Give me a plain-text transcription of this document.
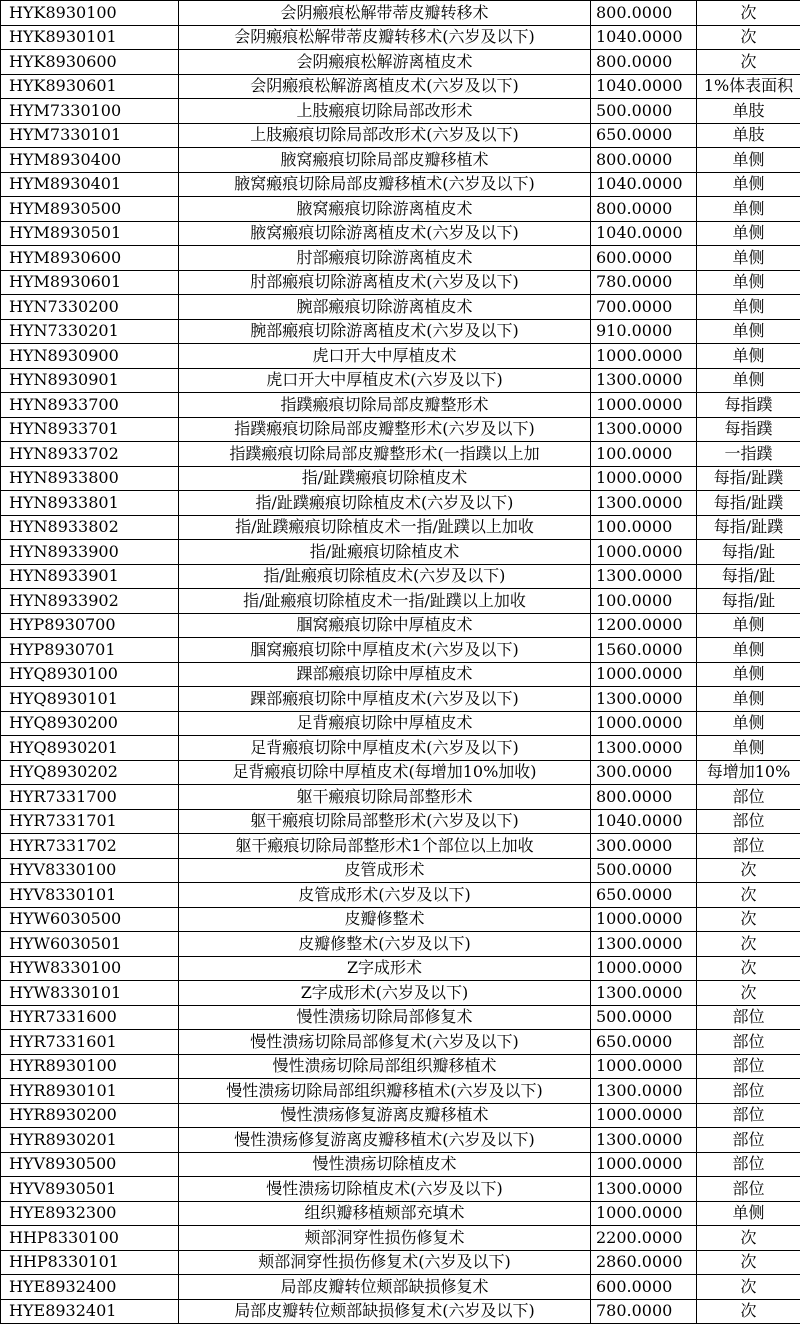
HYK8930100	会阴瘢痕松解带蒂皮瓣转移术	800.0000	次
HYK8930101	会阴瘢痕松解带蒂皮瓣转移术(六岁及以下)	1040.0000	次
HYK8930600	会阴瘢痕松解游离植皮术	800.0000	次
HYK8930601	会阴瘢痕松解游离植皮术(六岁及以下)	1040.0000	1%体表面积
HYM7330100	上肢瘢痕切除局部改形术	500.0000	单肢
HYM7330101	上肢瘢痕切除局部改形术(六岁及以下)	650.0000	单肢
HYM8930400	腋窝瘢痕切除局部皮瓣移植术	800.0000	单侧
HYM8930401	腋窝瘢痕切除局部皮瓣移植术(六岁及以下)	1040.0000	单侧
HYM8930500	腋窝瘢痕切除游离植皮术	800.0000	单侧
HYM8930501	腋窝瘢痕切除游离植皮术(六岁及以下)	1040.0000	单侧
HYM8930600	肘部瘢痕切除游离植皮术	600.0000	单侧
HYM8930601	肘部瘢痕切除游离植皮术(六岁及以下)	780.0000	单侧
HYN7330200	腕部瘢痕切除游离植皮术	700.0000	单侧
HYN7330201	腕部瘢痕切除游离植皮术(六岁及以下)	910.0000	单侧
HYN8930900	虎口开大中厚植皮术	1000.0000	单侧
HYN8930901	虎口开大中厚植皮术(六岁及以下)	1300.0000	单侧
HYN8933700	指蹼瘢痕切除局部皮瓣整形术	1000.0000	每指蹼
HYN8933701	指蹼瘢痕切除局部皮瓣整形术(六岁及以下)	1300.0000	每指蹼
HYN8933702	指蹼瘢痕切除局部皮瓣整形术(一指蹼以上加	100.0000	一指蹼
HYN8933800	指/趾蹼瘢痕切除植皮术	1000.0000	每指/趾蹼
HYN8933801	指/趾蹼瘢痕切除植皮术(六岁及以下)	1300.0000	每指/趾蹼
HYN8933802	指/趾蹼瘢痕切除植皮术一指/趾蹼以上加收	100.0000	每指/趾蹼
HYN8933900	指/趾瘢痕切除植皮术	1000.0000	每指/趾
HYN8933901	指/趾瘢痕切除植皮术(六岁及以下)	1300.0000	每指/趾
HYN8933902	指/趾瘢痕切除植皮术一指/趾蹼以上加收	100.0000	每指/趾
HYP8930700	腘窝瘢痕切除中厚植皮术	1200.0000	单侧
HYP8930701	腘窝瘢痕切除中厚植皮术(六岁及以下)	1560.0000	单侧
HYQ8930100	踝部瘢痕切除中厚植皮术	1000.0000	单侧
HYQ8930101	踝部瘢痕切除中厚植皮术(六岁及以下)	1300.0000	单侧
HYQ8930200	足背瘢痕切除中厚植皮术	1000.0000	单侧
HYQ8930201	足背瘢痕切除中厚植皮术(六岁及以下)	1300.0000	单侧
HYQ8930202	足背瘢痕切除中厚植皮术(每增加10%加收)	300.0000	每增加10%
HYR7331700	躯干瘢痕切除局部整形术	800.0000	部位
HYR7331701	躯干瘢痕切除局部整形术(六岁及以下)	1040.0000	部位
HYR7331702	躯干瘢痕切除局部整形术1个部位以上加收	300.0000	部位
HYV8330100	皮管成形术	500.0000	次
HYV8330101	皮管成形术(六岁及以下)	650.0000	次
HYW6030500	皮瓣修整术	1000.0000	次
HYW6030501	皮瓣修整术(六岁及以下)	1300.0000	次
HYW8330100	Z字成形术	1000.0000	次
HYW8330101	Z字成形术(六岁及以下)	1300.0000	次
HYR7331600	慢性溃疡切除局部修复术	500.0000	部位
HYR7331601	慢性溃疡切除局部修复术(六岁及以下)	650.0000	部位
HYR8930100	慢性溃疡切除局部组织瓣移植术	1000.0000	部位
HYR8930101	慢性溃疡切除局部组织瓣移植术(六岁及以下)	1300.0000	部位
HYR8930200	慢性溃疡修复游离皮瓣移植术	1000.0000	部位
HYR8930201	慢性溃疡修复游离皮瓣移植术(六岁及以下)	1300.0000	部位
HYV8930500	慢性溃疡切除植皮术	1000.0000	部位
HYV8930501	慢性溃疡切除植皮术(六岁及以下)	1300.0000	部位
HYE8932300	组织瓣移植颊部充填术	1000.0000	单侧
HHP8330100	颊部洞穿性损伤修复术	2200.0000	次
HHP8330101	颊部洞穿性损伤修复术(六岁及以下)	2860.0000	次
HYE8932400	局部皮瓣转位颊部缺损修复术	600.0000	次
HYE8932401	局部皮瓣转位颊部缺损修复术(六岁及以下)	780.0000	次
